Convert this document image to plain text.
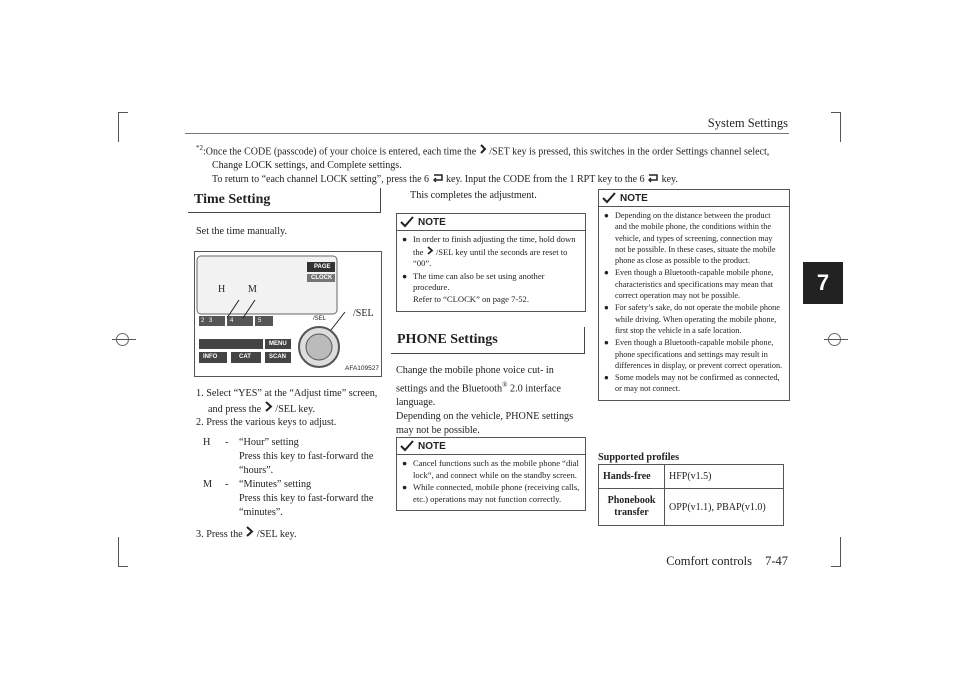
System Settings
7
$^{*2}$:Once the CODE (passcode) of your choice is entered, each time the /SET key is pressed, this switches in the order Settings channel select,
Change LOCK settings, and Complete settings.
To return to “each channel LOCK setting”, press the 6 key. Input the CODE from the 1 RPT key to the 6 key.
Time Setting
Set the time manually.
H M
/SEL
PAGE
CLOCK
2 3	4	5	6 1
MENU
INFO	CAT	SCAN
/SEL
AFA109527
1. Select “YES” at the “Adjust time” screen,
and press the /SEL key.
2. Press the various keys to adjust.
H	-	“Hour” setting
Press this key to fast-forward the
“hours”.
M	-	“Minutes” setting
Press this key to fast-forward the
“minutes”.
3. Press the /SEL key.
This completes the adjustment.
NOTE
● In order to finish adjusting the time, hold down the /SEL key until the seconds are reset to “00”.
● The time can also be set using another procedure.
Refer to “CLOCK” on page 7-52.
PHONE Settings
Change the mobile phone voice cut- in settings and the Bluetooth® 2.0 interface language.
Depending on the vehicle, PHONE settings may not be possible.
NOTE
● Cancel functions such as the mobile phone “dial lock”, and connect while on the standby screen.
● While connected, mobile phone (receiving calls, etc.) operations may not function correctly.
NOTE
● Depending on the distance between the product and the mobile phone, the conditions within the vehicle, and types of screening, connection may not be possible. In these cases, situate the mobile phone as close as possible to the product.
● Even though a Bluetooth-capable mobile phone, characteristics and specifications may mean that correct operation may not be possible.
● For safety’s sake, do not operate the mobile phone while driving. When operating the mobile phone, first stop the vehicle in a safe location.
● Even though a Bluetooth-capable mobile phone, phone specifications and settings may result in differences in display, or prevent correct operation.
● Some models may not be confirmed as connected, or may not connect.
Supported profiles
Hands-free	HFP(v1.5)
Phonebook transfer	OPP(v1.1), PBAP(v1.0)
Comfort controls 7-47
